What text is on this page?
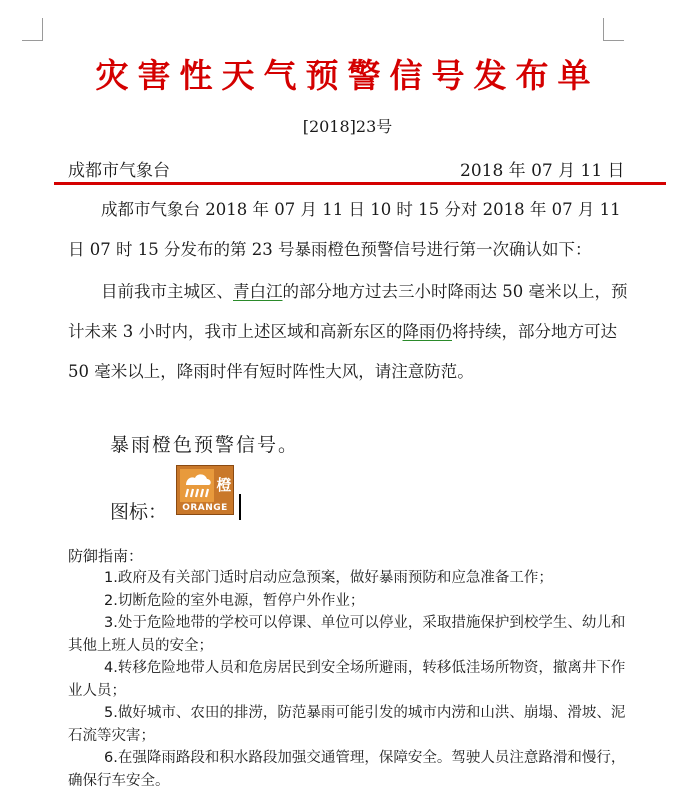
灾害性天气预警信号发布单
[2018]23号
成都市气象台	2018 年 07 月 11 日
成都市气象台 2018 年 07 月 11 日 10 时 15 分对 2018 年 07 月 11 日 07 时 15 分发布的第 23 号暴雨橙色预警信号进行第一次确认如下：
目前我市主城区、青白江的部分地方过去三小时降雨达 50 毫米以上，预计未来 3 小时内，我市上述区域和高新东区的降雨仍将持续，部分地方可达 50 毫米以上，降雨时伴有短时阵性大风，请注意防范。
暴雨橙色预警信号。
图标：
橙
ORANGE
防御指南：
1.政府及有关部门适时启动应急预案，做好暴雨预防和应急准备工作；
2.切断危险的室外电源，暂停户外作业；
3.处于危险地带的学校可以停课、单位可以停业，采取措施保护到校学生、幼儿和其他上班人员的安全；
4.转移危险地带人员和危房居民到安全场所避雨，转移低洼场所物资，撤离井下作业人员；
5.做好城市、农田的排涝，防范暴雨可能引发的城市内涝和山洪、崩塌、滑坡、泥石流等灾害；
6.在强降雨路段和积水路段加强交通管理，保障安全。驾驶人员注意路滑和慢行，确保行车安全。
